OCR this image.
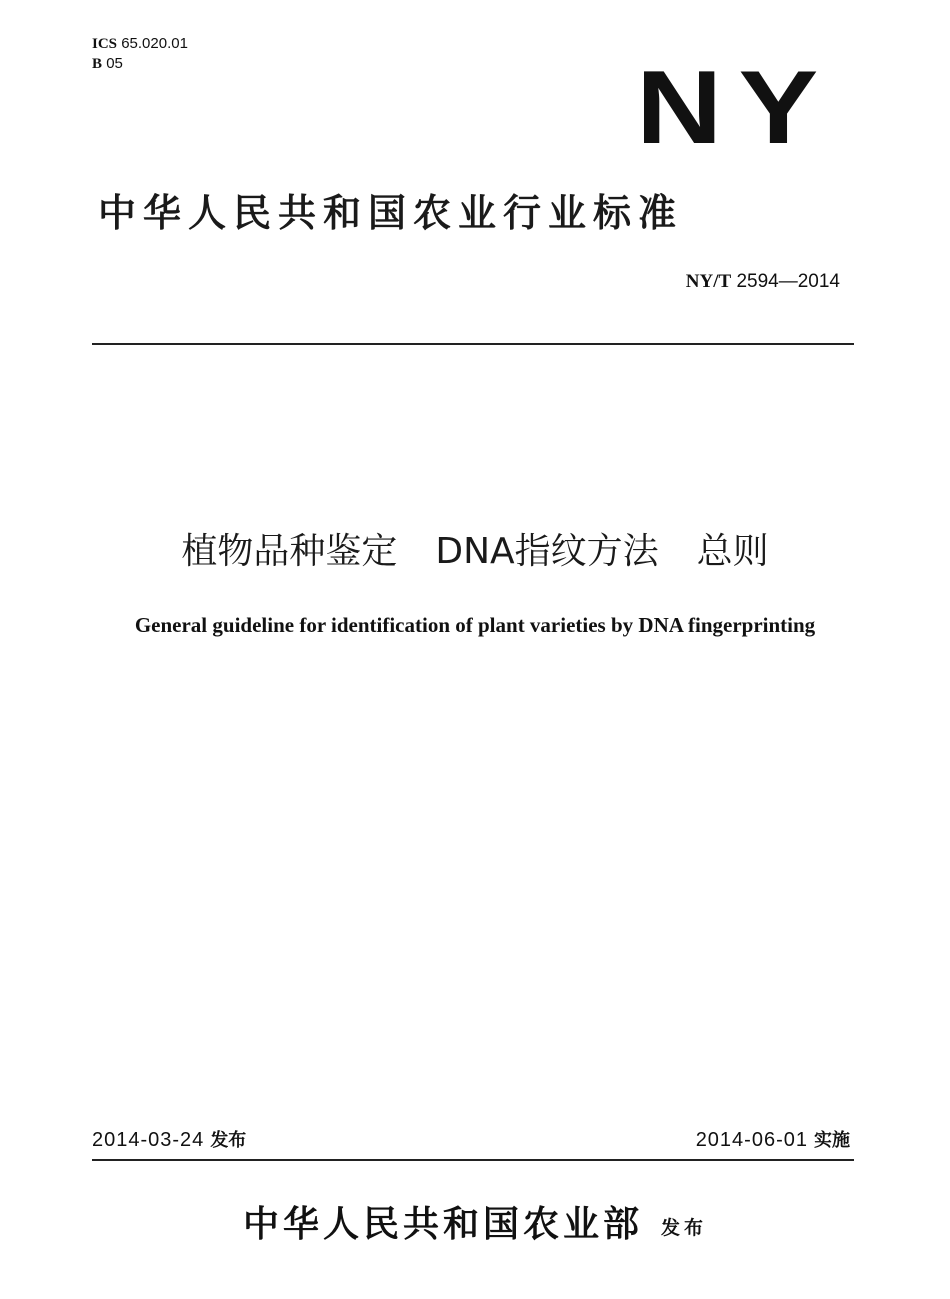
ICS 65.020.01
B 05	NY
中华人民共和国农业行业标准
NY/T 2594—2014
植物品种鉴定 DNA指纹方法 总则
General guideline for identification of plant varieties by DNA fingerprinting
2014-03-24 发布	2014-06-01 实施
中华人民共和国农业部 发布
